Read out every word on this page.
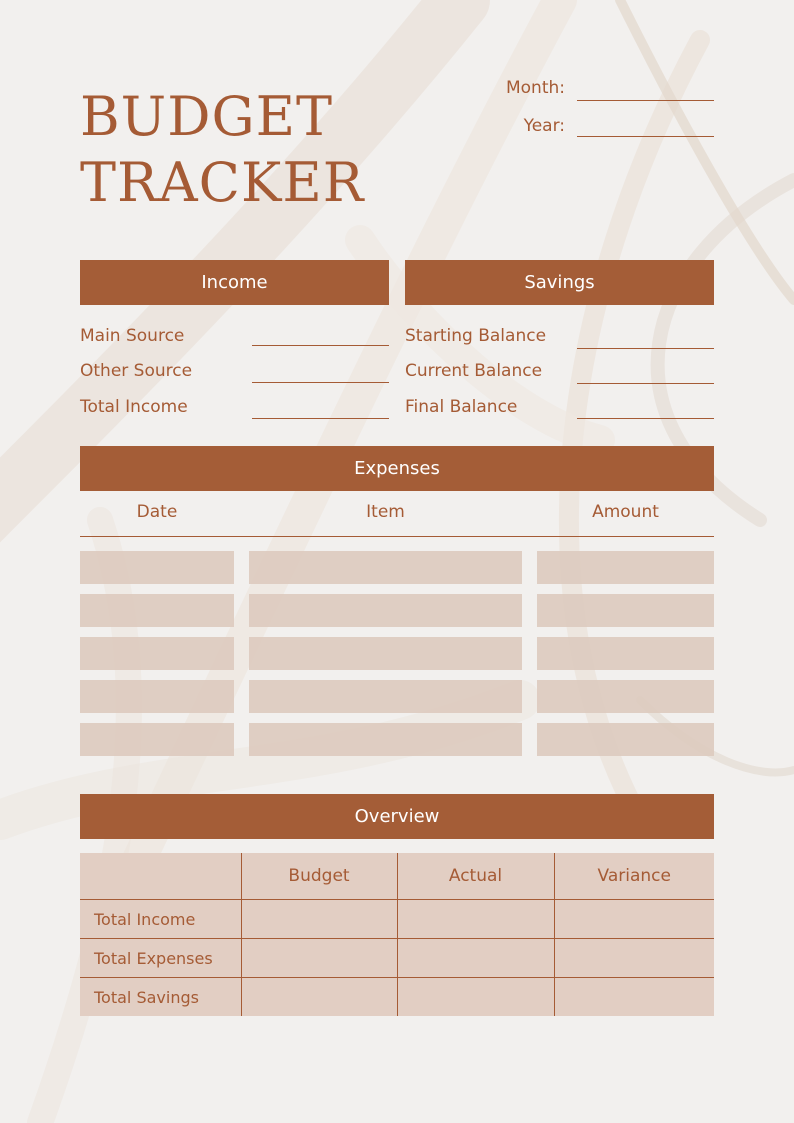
BUDGET
TRACKER
Month:
Year:
Income	Savings
Main Source
Other Source
Total Income
Starting Balance
Current Balance
Final Balance
Expenses
Date	Item	Amount
Overview
	Budget	Actual	Variance
Total Income			
Total Expenses			
Total Savings			
